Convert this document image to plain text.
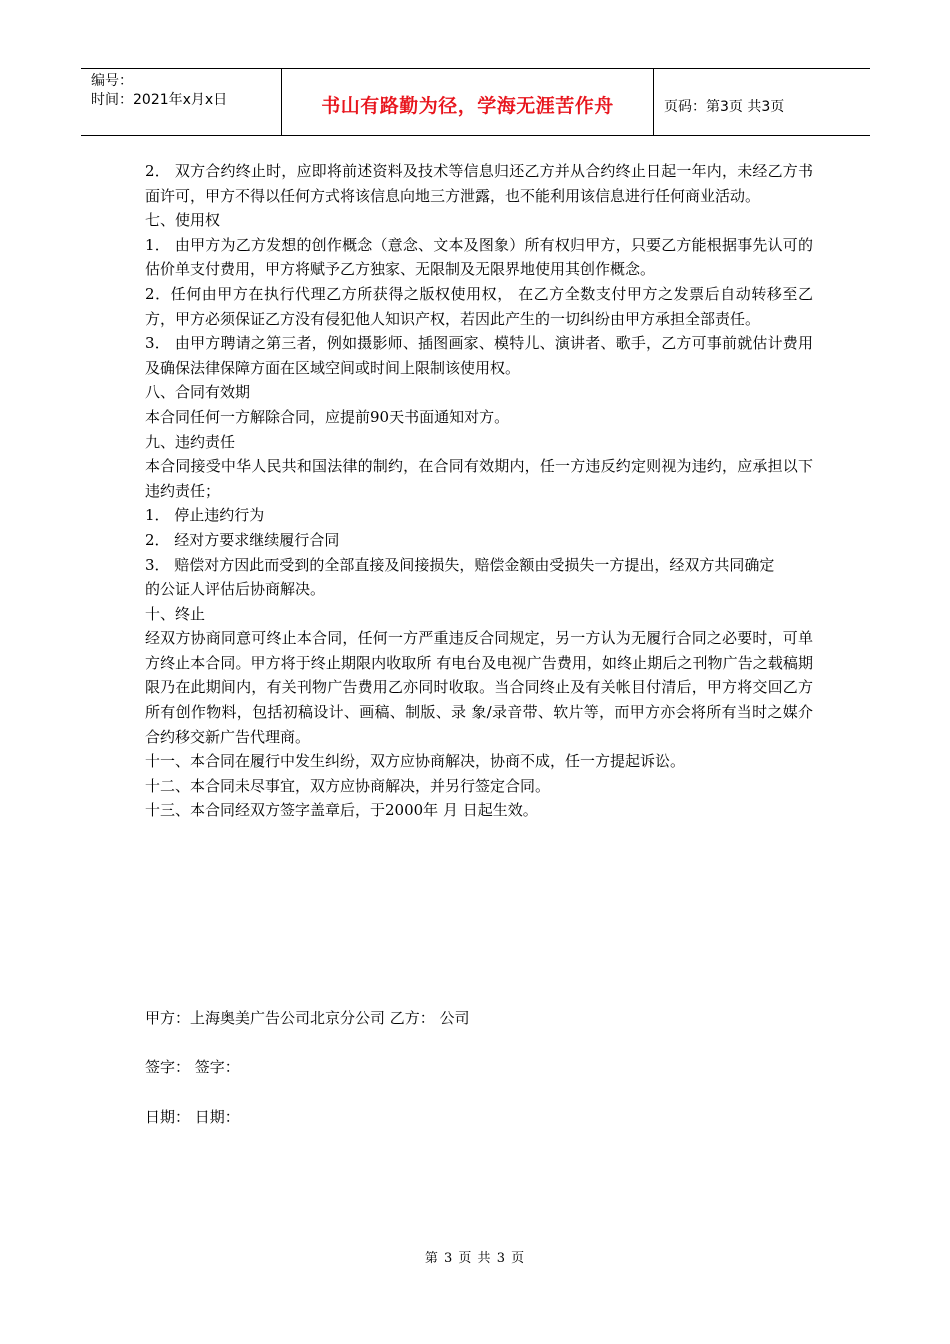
编号：
时间：2021年x月x日	书山有路勤为径，学海无涯苦作舟	页码：第3页 共3页

2． 双方合约终止时，应即将前述资料及技术等信息归还乙方并从合约终止日起一年内，未经乙方书面许可，甲方不得以任何方式将该信息向地三方泄露，也不能利用该信息进行任何商业活动。

七、使用权

1． 由甲方为乙方发想的创作概念（意念、文本及图象）所有权归甲方，只要乙方能根据事先认可的估价单支付费用，甲方将赋予乙方独家、无限制及无限界地使用其创作概念。

2．任何由甲方在执行代理乙方所获得之版权使用权， 在乙方全数支付甲方之发票后自动转移至乙方，甲方必须保证乙方没有侵犯他人知识产权，若因此产生的一切纠纷由甲方承担全部责任。

3． 由甲方聘请之第三者，例如摄影师、插图画家、模特儿、演讲者、歌手，乙方可事前就估计费用及确保法律保障方面在区域空间或时间上限制该使用权。

八、合同有效期

本合同任何一方解除合同，应提前90天书面通知对方。

九、违约责任

本合同接受中华人民共和国法律的制约，在合同有效期内，任一方违反约定则视为违约，应承担以下违约责任；

1． 停止违约行为

2． 经对方要求继续履行合同

3． 赔偿对方因此而受到的全部直接及间接损失，赔偿金额由受损失一方提出，经双方共同确定

的公证人评估后协商解决。

十、终止

经双方协商同意可终止本合同，任何一方严重违反合同规定，另一方认为无履行合同之必要时，可单方终止本合同。甲方将于终止期限内收取所 有电台及电视广告费用，如终止期后之刊物广告之载稿期限乃在此期间内，有关刊物广告费用乙亦同时收取。当合同终止及有关帐目付清后，甲方将交回乙方所有创作物料，包括初稿设计、画稿、制版、录 象/录音带、软片等，而甲方亦会将所有当时之媒介合约移交新广告代理商。

十一、本合同在履行中发生纠纷，双方应协商解决，协商不成，任一方提起诉讼。

十二、本合同未尽事宜，双方应协商解决，并另行签定合同。

十三、本合同经双方签字盖章后，于2000年 月 日起生效。

甲方：上海奥美广告公司北京分公司 乙方： 公司
签字： 签字：
日期： 日期：
第 3 页 共 3 页
